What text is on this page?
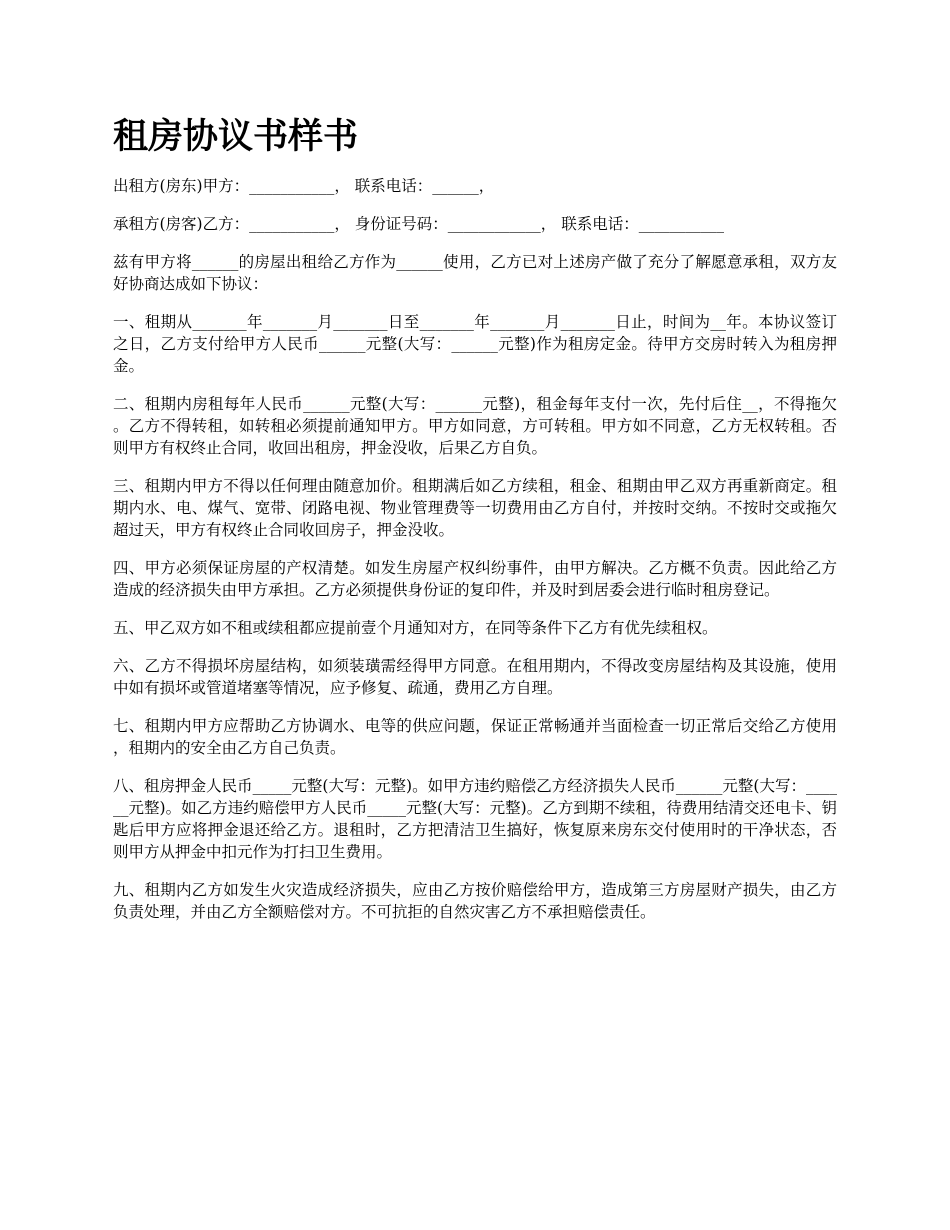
租房协议书样书

出租方(房东)甲方：___________， 联系电话：______，

承租方(房客)乙方：___________， 身份证号码：____________， 联系电话：___________

兹有甲方将______的房屋出租给乙方作为______使用，乙方已对上述房产做了充分了解愿意承租，双方友好协商达成如下协议：

一、租期从_______年_______月_______日至_______年_______月_______日止，时间为__年。本协议签订之日，乙方支付给甲方人民币______元整(大写：______元整)作为租房定金。待甲方交房时转入为租房押金。

二、租期内房租每年人民币______元整(大写：______元整)，租金每年支付一次，先付后住__，不得拖欠。乙方不得转租，如转租必须提前通知甲方。甲方如同意，方可转租。甲方如不同意，乙方无权转租。否则甲方有权终止合同，收回出租房，押金没收，后果乙方自负。

三、租期内甲方不得以任何理由随意加价。租期满后如乙方续租，租金、租期由甲乙双方再重新商定。租期内水、电、煤气、宽带、闭路电视、物业管理费等一切费用由乙方自付，并按时交纳。不按时交或拖欠超过天，甲方有权终止合同收回房子，押金没收。

四、甲方必须保证房屋的产权清楚。如发生房屋产权纠纷事件，由甲方解决。乙方概不负责。因此给乙方造成的经济损失由甲方承担。乙方必须提供身份证的复印件，并及时到居委会进行临时租房登记。

五、甲乙双方如不租或续租都应提前壹个月通知对方，在同等条件下乙方有优先续租权。

六、乙方不得损坏房屋结构，如须装璜需经得甲方同意。在租用期内，不得改变房屋结构及其设施，使用中如有损坏或管道堵塞等情况，应予修复、疏通，费用乙方自理。

七、租期内甲方应帮助乙方协调水、电等的供应问题，保证正常畅通并当面检查一切正常后交给乙方使用，租期内的安全由乙方自己负责。

八、租房押金人民币_____元整(大写：元整)。如甲方违约赔偿乙方经济损失人民币______元整(大写：______元整)。如乙方违约赔偿甲方人民币_____元整(大写：元整)。乙方到期不续租，待费用结清交还电卡、钥匙后甲方应将押金退还给乙方。退租时，乙方把清洁卫生搞好，恢复原来房东交付使用时的干净状态，否则甲方从押金中扣元作为打扫卫生费用。

九、租期内乙方如发生火灾造成经济损失，应由乙方按价赔偿给甲方，造成第三方房屋财产损失，由乙方负责处理，并由乙方全额赔偿对方。不可抗拒的自然灾害乙方不承担赔偿责任。
